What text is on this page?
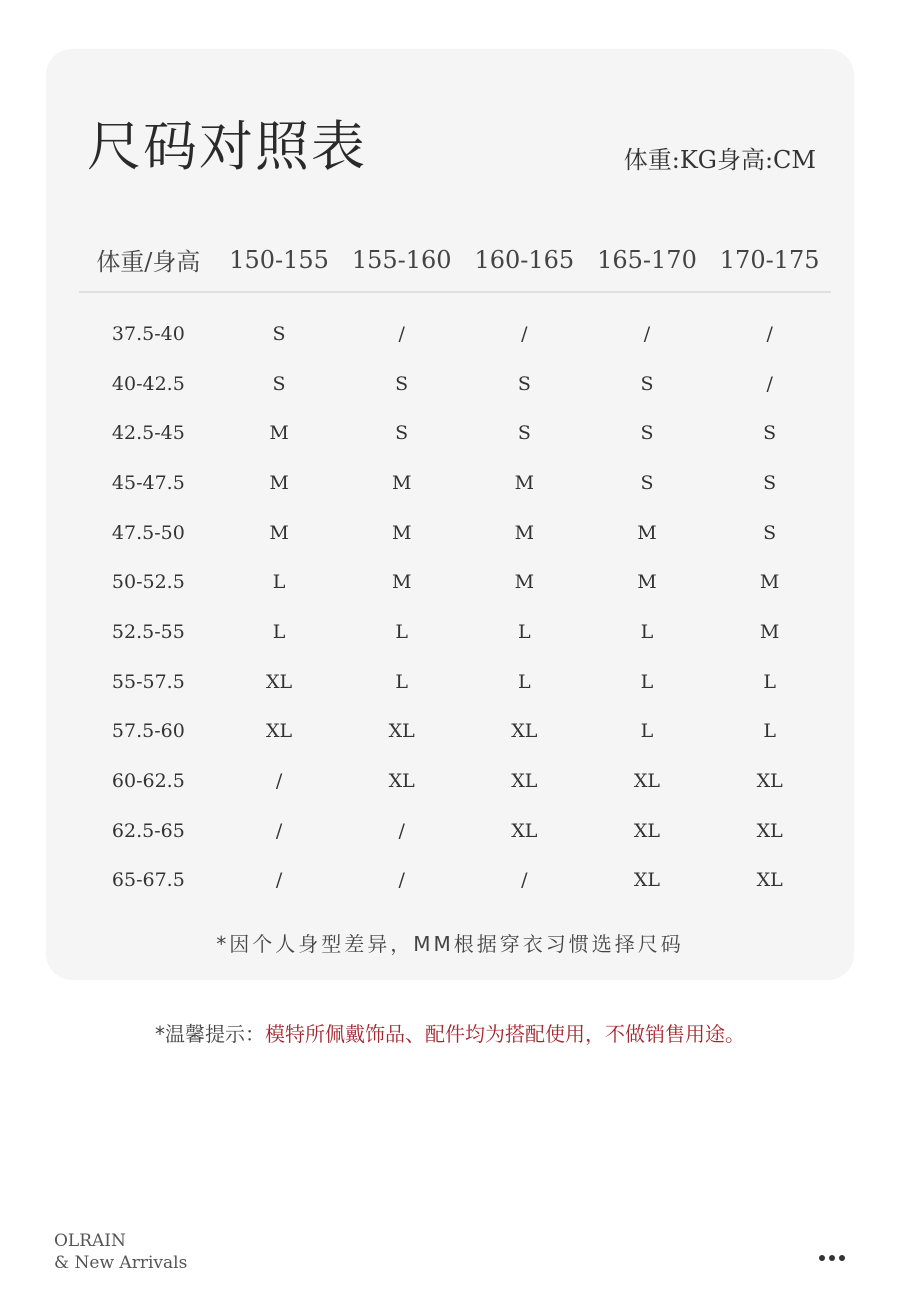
尺码对照表	体重:KG身高:CM
体重/身高	150-155	155-160	160-165	165-170	170-175

37.5-40	S	/	/	/	/
40-42.5	S	S	S	S	/
42.5-45	M	S	S	S	S
45-47.5	M	M	M	S	S
47.5-50	M	M	M	M	S
50-52.5	L	M	M	M	M
52.5-55	L	L	L	L	M
55-57.5	XL	L	L	L	L
57.5-60	XL	XL	XL	L	L
60-62.5	/	XL	XL	XL	XL
62.5-65	/	/	XL	XL	XL
65-67.5	/	/	/	XL	XL
*因个人身型差异，MM根据穿衣习惯选择尺码
*温馨提示：模特所佩戴饰品、配件均为搭配使用，不做销售用途。
OLRAIN
& New Arrivals
